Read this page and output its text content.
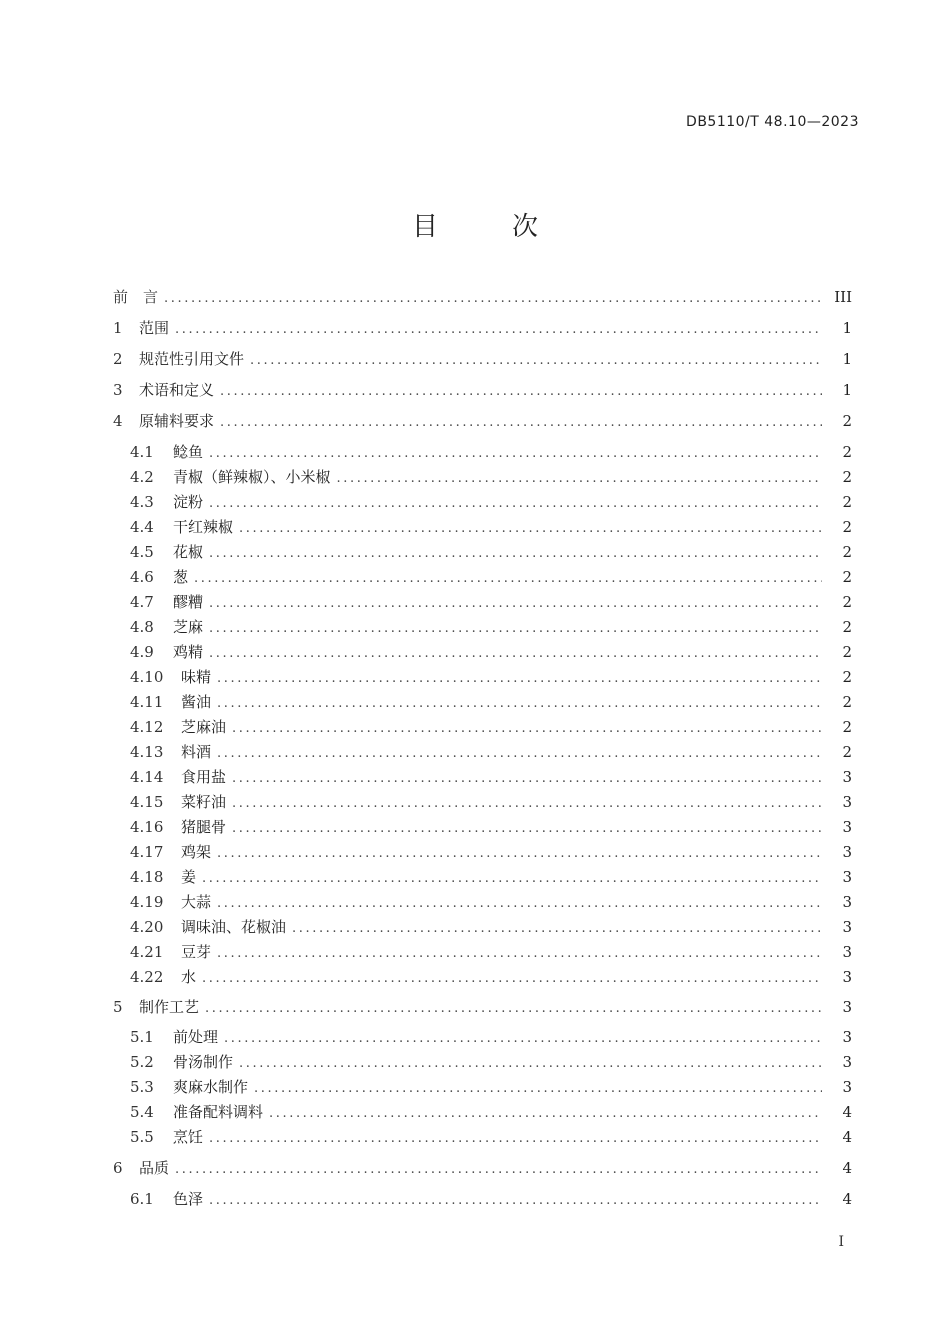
DB5110/T 48.10—2023
目　次
前　言 .....	III
1	范围 .....	1
2	规范性引用文件 .....	1
3	术语和定义 .....	1
4	原辅料要求 .....	2
4.1	鲶鱼 .....	2
4.2	青椒（鲜辣椒）、小米椒 .....	2
4.3	淀粉 .....	2
4.4	干红辣椒 .....	2
4.5	花椒 .....	2
4.6	葱 .....	2
4.7	醪糟 .....	2
4.8	芝麻 .....	2
4.9	鸡精 .....	2
4.10	味精 .....	2
4.11	酱油 .....	2
4.12	芝麻油 .....	2
4.13	料酒 .....	2
4.14	食用盐 .....	3
4.15	菜籽油 .....	3
4.16	猪腿骨 .....	3
4.17	鸡架 .....	3
4.18	姜 .....	3
4.19	大蒜 .....	3
4.20	调味油、花椒油 .....	3
4.21	豆芽 .....	3
4.22	水 .....	3
5	制作工艺 .....	3
5.1	前处理 .....	3
5.2	骨汤制作 .....	3
5.3	爽麻水制作 .....	3
5.4	准备配料调料 .....	4
5.5	烹饪 .....	4
6	品质 .....	4
6.1	色泽 .....	4
I
